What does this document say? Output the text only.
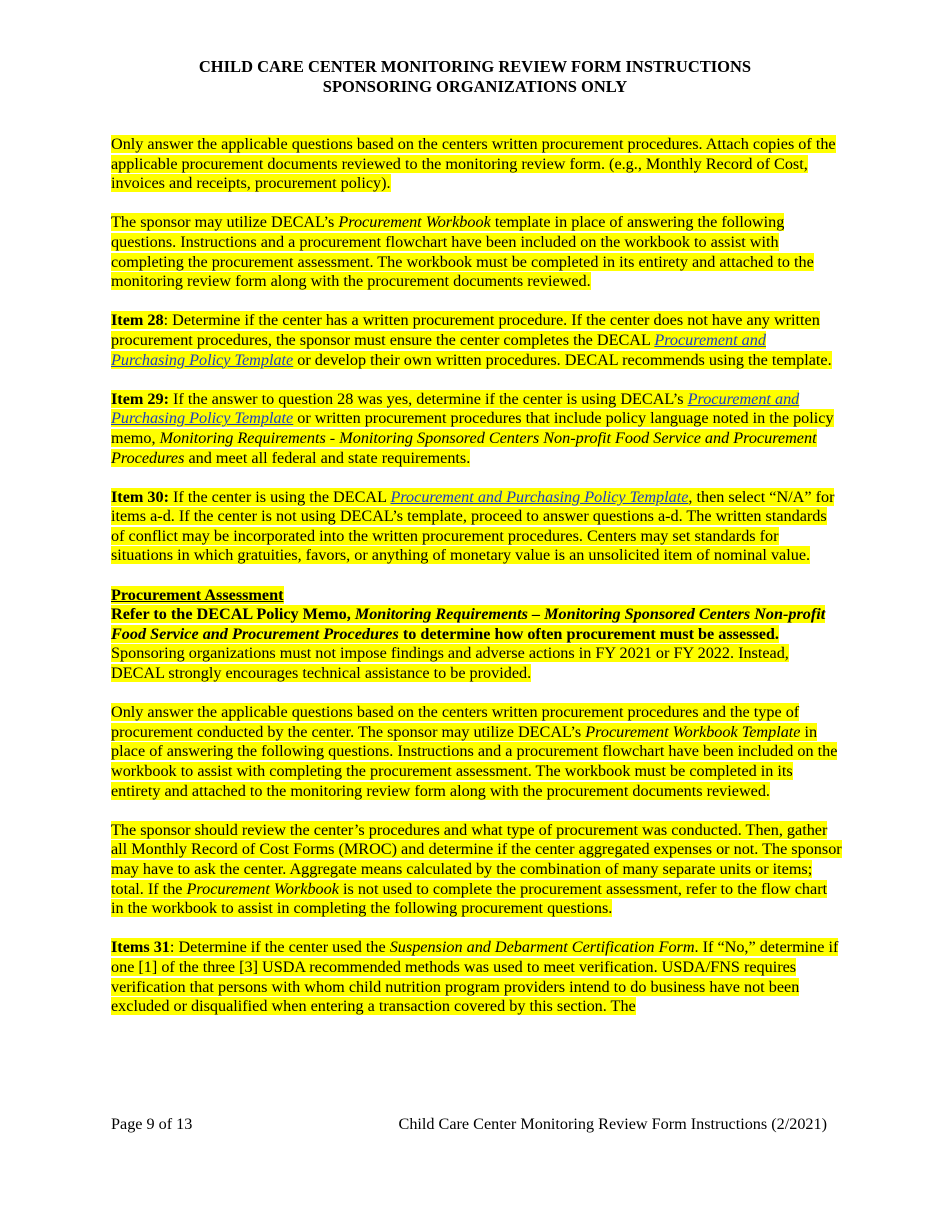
CHILD CARE CENTER MONITORING REVIEW FORM INSTRUCTIONS
SPONSORING ORGANIZATIONS ONLY

Only answer the applicable questions based on the centers written procurement procedures. Attach copies of the applicable procurement documents reviewed to the monitoring review form. (e.g., Monthly Record of Cost, invoices and receipts, procurement policy).

The sponsor may utilize DECAL’s Procurement Workbook template in place of answering the following questions. Instructions and a procurement flowchart have been included on the workbook to assist with completing the procurement assessment. The workbook must be completed in its entirety and attached to the monitoring review form along with the procurement documents reviewed.

Item 28: Determine if the center has a written procurement procedure. If the center does not have any written procurement procedures, the sponsor must ensure the center completes the DECAL Procurement and Purchasing Policy Template or develop their own written procedures. DECAL recommends using the template.

Item 29: If the answer to question 28 was yes, determine if the center is using DECAL’s Procurement and Purchasing Policy Template or written procurement procedures that include policy language noted in the policy memo, Monitoring Requirements - Monitoring Sponsored Centers Non-profit Food Service and Procurement Procedures and meet all federal and state requirements.

Item 30: If the center is using the DECAL Procurement and Purchasing Policy Template, then select “N/A” for items a-d. If the center is not using DECAL’s template, proceed to answer questions a-d. The written standards of conflict may be incorporated into the written procurement procedures. Centers may set standards for situations in which gratuities, favors, or anything of monetary value is an unsolicited item of nominal value.

Procurement Assessment

Refer to the DECAL Policy Memo, Monitoring Requirements – Monitoring Sponsored Centers Non-profit Food Service and Procurement Procedures to determine how often procurement must be assessed. Sponsoring organizations must not impose findings and adverse actions in FY 2021 or FY 2022. Instead, DECAL strongly encourages technical assistance to be provided.

Only answer the applicable questions based on the centers written procurement procedures and the type of procurement conducted by the center. The sponsor may utilize DECAL’s Procurement Workbook Template in place of answering the following questions. Instructions and a procurement flowchart have been included on the workbook to assist with completing the procurement assessment. The workbook must be completed in its entirety and attached to the monitoring review form along with the procurement documents reviewed.

The sponsor should review the center’s procedures and what type of procurement was conducted. Then, gather all Monthly Record of Cost Forms (MROC) and determine if the center aggregated expenses or not. The sponsor may have to ask the center. Aggregate means calculated by the combination of many separate units or items; total. If the Procurement Workbook is not used to complete the procurement assessment, refer to the flow chart in the workbook to assist in completing the following procurement questions.

Items 31: Determine if the center used the Suspension and Debarment Certification Form. If “No,” determine if one [1] of the three [3] USDA recommended methods was used to meet verification. USDA/FNS requires verification that persons with whom child nutrition program providers intend to do business have not been excluded or disqualified when entering a transaction covered by this section. The

Page 9 of 13	Child Care Center Monitoring Review Form Instructions (2/2021)
